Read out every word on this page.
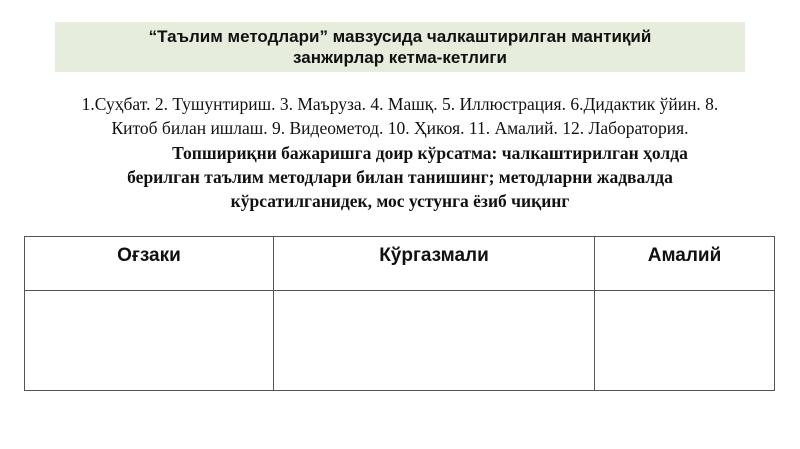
“Таълим методлари” мавзусида чалкаштирилган мантиқий
занжирлар кетма-кетлиги
1.Суҳбат. 2. Тушунтириш. 3. Маъруза. 4. Машқ. 5. Иллюстрация. 6.Дидактик ўйин. 8.
Китоб билан ишлаш. 9. Видеометод. 10. Ҳикоя. 11. Амалий. 12. Лаборатория.
Топшириқни бажаришга доир кўрсатма: чалкаштирилган ҳолда
берилган таълим методлари билан танишинг; методларни жадвалда
кўрсатилганидек, мос устунга ёзиб чиқинг
Оғзаки	Кўргазмали	Амалий
